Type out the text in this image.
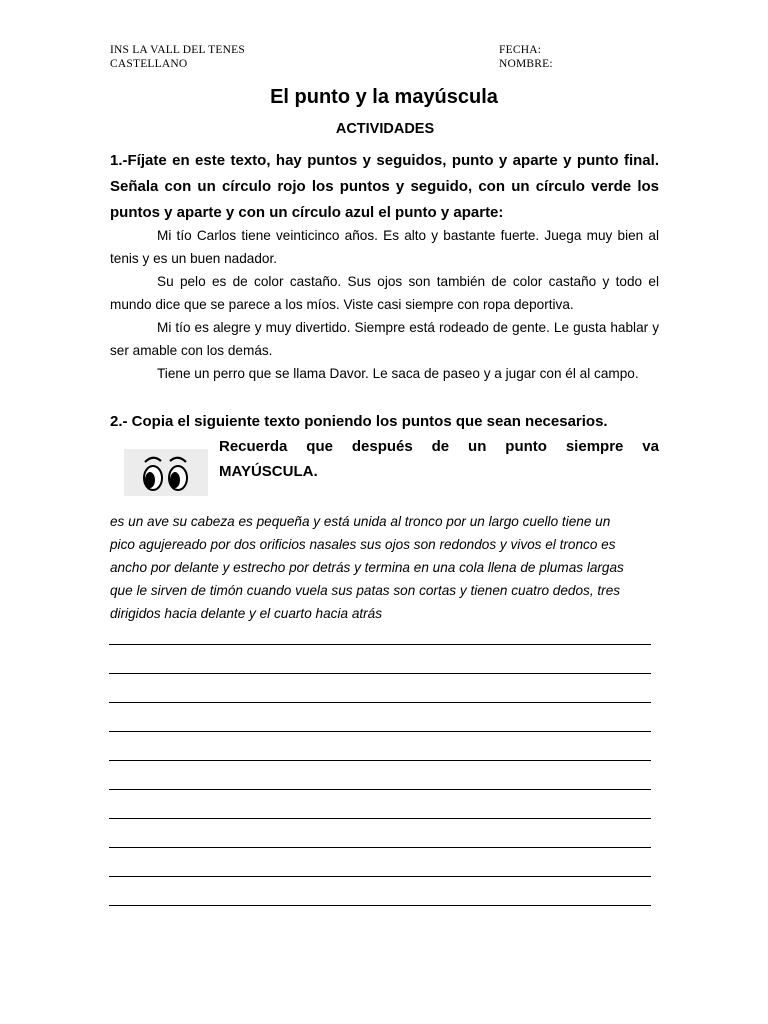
INS LA VALL DEL TENES
CASTELLANO
FECHA:
NOMBRE:
El punto y la mayúscula
ACTIVIDADES
1.-Fíjate en este texto, hay puntos y seguidos, punto y aparte y punto final. Señala con un círculo rojo los puntos y seguido, con un círculo verde los puntos y aparte y con un círculo azul el punto y aparte:

Mi tío Carlos tiene veinticinco años. Es alto y bastante fuerte. Juega muy bien al tenis y es un buen nadador.

Su pelo es de color castaño. Sus ojos son también de color castaño y todo el mundo dice que se parece a los míos. Viste casi siempre con ropa deportiva.

Mi tío es alegre y muy divertido. Siempre está rodeado de gente. Le gusta hablar y ser amable con los demás.

Tiene un perro que se llama Davor. Le saca de paseo y a jugar con él al campo.

2.- Copia el siguiente texto poniendo los puntos que sean necesarios.
Recuerda que después de un punto siempre va
MAYÚSCULA.
es un ave su cabeza es pequeña y está unida al tronco por un largo cuello tiene un
pico agujereado por dos orificios nasales sus ojos son redondos y vivos el tronco es
ancho por delante y estrecho por detrás y termina en una cola llena de plumas largas
que le sirven de timón cuando vuela sus patas son cortas y tienen cuatro dedos, tres
dirigidos hacia delante y el cuarto hacia atrás
